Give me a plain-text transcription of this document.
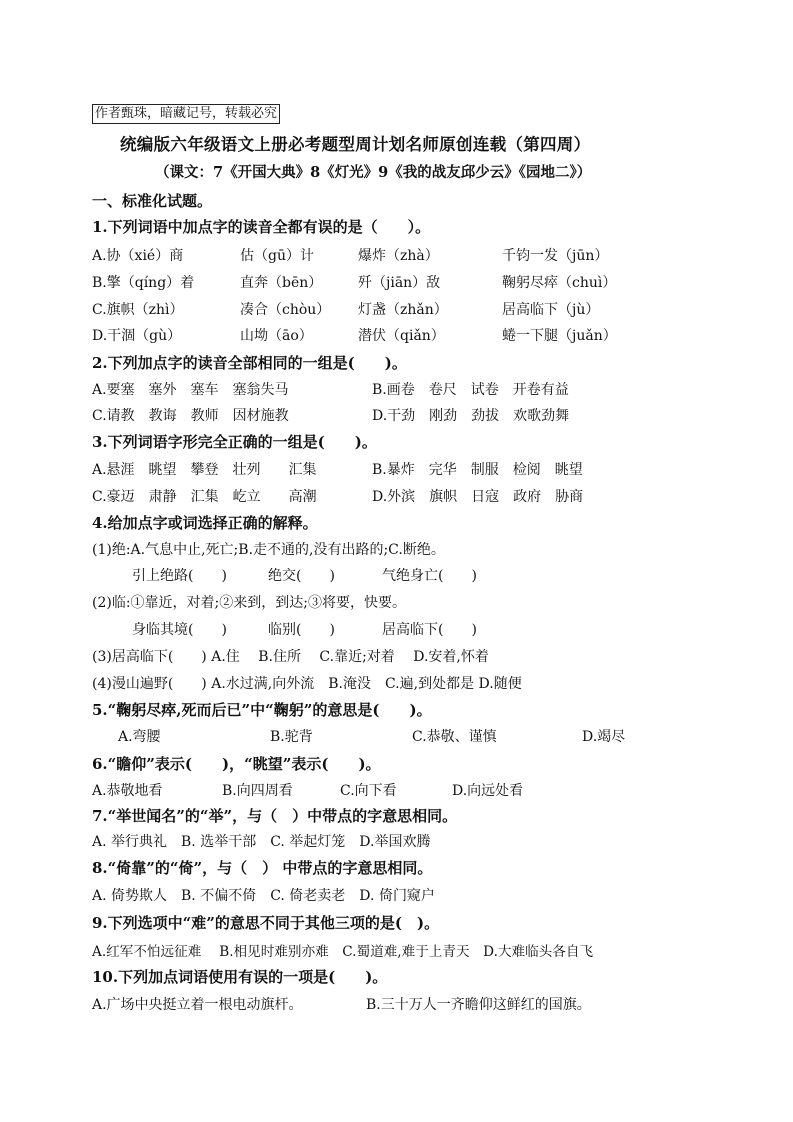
作者甄珠，暗藏记号，转载必究
统编版六年级语文上册必考题型周计划名师原创连载（第四周）
（课文：7《开国大典》8《灯光》9《我的战友邱少云》《园地二》）
一、标准化试题。
1.下列词语中加点字的读音全都有误的是（　　）。
A.协（xié）商	估（gū）计	爆炸（zhà）	千钧一发（jūn）
B.擎（qíng）着	直奔（bēn）	歼（jiān）敌	鞠躬尽瘁（chuì）
C.旗帜（zhì）	凑合（chòu） 灯盏（zhǎn）	居高临下（jù）
D.干涸（gù）	山坳（āo）	潜伏（qiǎn）	蜷一下腿（juǎn）
2.下列加点字的读音全部相同的一组是(　　)。
A.要塞　塞外　塞车　塞翁失马	B.画卷　卷尺　试卷　开卷有益
C.请教　教诲　教师　因材施教	D.干劲　刚劲　劲拔　欢歌劲舞
3.下列词语字形完全正确的一组是(　　)。
A.悬涯　眺望　攀登　壮列　　汇集	B.暴炸　完华　制服　检阅　眺望
C.豪迈　肃静　汇集　屹立　　高潮	D.外滨　旗帜　日寇　政府　胁商
4.给加点字或词选择正确的解释。
(1)绝:A.气息中止,死亡;B.走不通的,没有出路的;C.断绝。
引上绝路(　　)	绝交(　　)	气绝身亡(　　)
(2)临:①靠近，对着;②来到，到达;③将要，快要。
身临其境(　　)	临别(　　)	居高临下(　　)
(3)居高临下(　　) A.住　 B.住所　 C.靠近;对着　 D.安着,怀着
(4)漫山遍野(　　) A.水过满,向外流　B.淹没　C.遍,到处都是 D.随便
5.“鞠躬尽瘁,死而后已”中“鞠躬”的意思是(　　)。
A.弯腰	B.驼背	C.恭敬、谨慎	D.竭尽
6.“瞻仰”表示(　　)，“眺望”表示(　　)。
A.恭敬地看	B.向四周看	C.向下看	D.向远处看
7.“举世闻名”的“举”，与（　）中带点的字意思相同。
A. 举行典礼　B. 选举干部　C. 举起灯笼　D.举国欢腾
8.“倚靠”的“倚”，与（　） 中带点的字意思相同。
A. 倚势欺人　B. 不偏不倚　C. 倚老卖老　D. 倚门窥户
9.下列选项中“难”的意思不同于其他三项的是(　)。
A.红军不怕远征难　 B.相见时难别亦难　C.蜀道难,难于上青天　D.大难临头各自飞
10.下列加点词语使用有误的一项是(　　)。
A.广场中央挺立着一根电动旗杆。	B.三十万人一齐瞻仰这鲜红的国旗。
